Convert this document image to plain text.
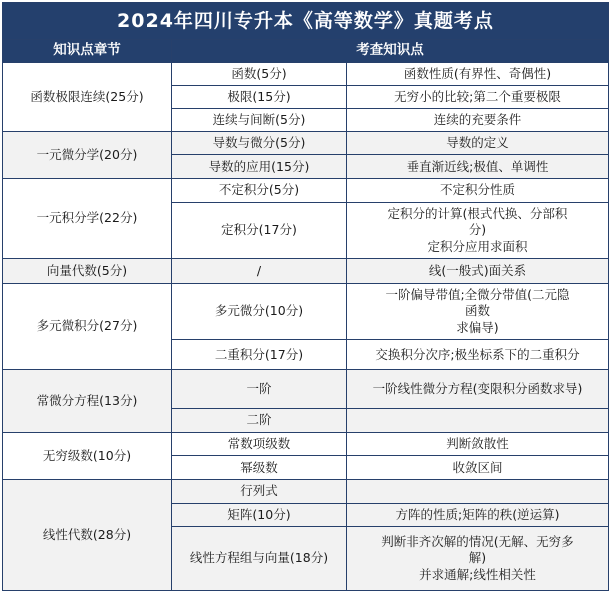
2024年四川专升本《高等数学》真题考点		
知识点章节	考查知识点	
函数极限连续(25分)	函数(5分)	函数性质(有界性、奇偶性)

	极限(15分)	无穷小的比较;第二个重要极限

	连续与间断(5分)	连续的充要条件

一元微分学(20分)	导数与微分(5分)	导数的定义

	导数的应用(15分)	垂直渐近线;极值、单调性

一元积分学(22分)	不定积分(5分)	不定积分性质

	定积分(17分)	定积分的计算(根式代换、分部积
分)
定积分应用求面积

向量代数(5分)	/	线(一般式)面关系

多元微积分(27分)	多元微分(10分)	一阶偏导带值;全微分带值(二元隐
函数
求偏导)

	二重积分(17分)	交换积分次序;极坐标系下的二重积分

常微分方程(13分)	一阶	一阶线性微分方程(变限积分函数求导)

	二阶	

无穷级数(10分)	常数项级数	判断敛散性

	幂级数	收敛区间

线性代数(28分)	行列式	

	矩阵(10分)	方阵的性质;矩阵的秩(逆运算)

	线性方程组与向量(18分)	判断非齐次解的情况(无解、无穷多
解)
并求通解;线性相关性
